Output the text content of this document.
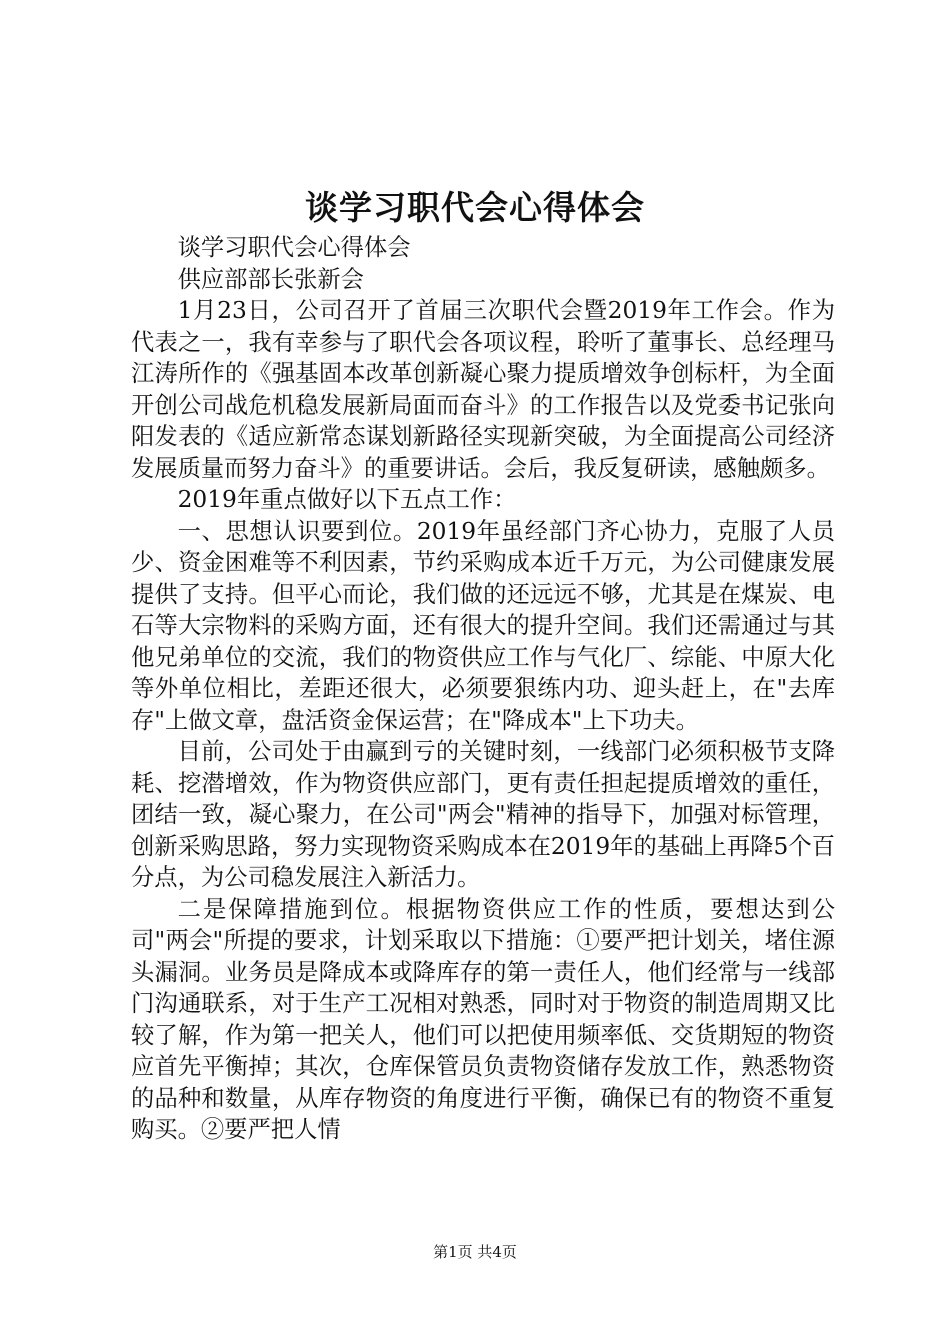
谈学习职代会心得体会

谈学习职代会心得体会

供应部部长张新会

1月23日，公司召开了首届三次职代会暨2019年工作会。作为代表之一，我有幸参与了职代会各项议程，聆听了董事长、总经理马江涛所作的《强基固本改革创新凝心聚力提质增效争创标杆，为全面开创公司战危机稳发展新局面而奋斗》的工作报告以及党委书记张向阳发表的《适应新常态谋划新路径实现新突破，为全面提高公司经济发展质量而努力奋斗》的重要讲话。会后，我反复研读，感触颇多。

2019年重点做好以下五点工作：

一、思想认识要到位。2019年虽经部门齐心协力，克服了人员少、资金困难等不利因素，节约采购成本近千万元，为公司健康发展提供了支持。但平心而论，我们做的还远远不够，尤其是在煤炭、电石等大宗物料的采购方面，还有很大的提升空间。我们还需通过与其他兄弟单位的交流，我们的物资供应工作与气化厂、综能、中原大化等外单位相比，差距还很大，必须要狠练内功、迎头赶上，在"去库存"上做文章，盘活资金保运营；在"降成本"上下功夫。

目前，公司处于由赢到亏的关键时刻，一线部门必须积极节支降耗、挖潜增效，作为物资供应部门，更有责任担起提质增效的重任，团结一致，凝心聚力，在公司"两会"精神的指导下，加强对标管理，创新采购思路，努力实现物资采购成本在2019年的基础上再降5个百分点，为公司稳发展注入新活力。

二是保障措施到位。根据物资供应工作的性质，要想达到公司"两会"所提的要求，计划采取以下措施：①要严把计划关，堵住源头漏洞。业务员是降成本或降库存的第一责任人，他们经常与一线部门沟通联系，对于生产工况相对熟悉，同时对于物资的制造周期又比较了解，作为第一把关人，他们可以把使用频率低、交货期短的物资应首先平衡掉；其次，仓库保管员负责物资储存发放工作，熟悉物资的品种和数量，从库存物资的角度进行平衡，确保已有的物资不重复购买。②要严把人情

第1页 共4页
